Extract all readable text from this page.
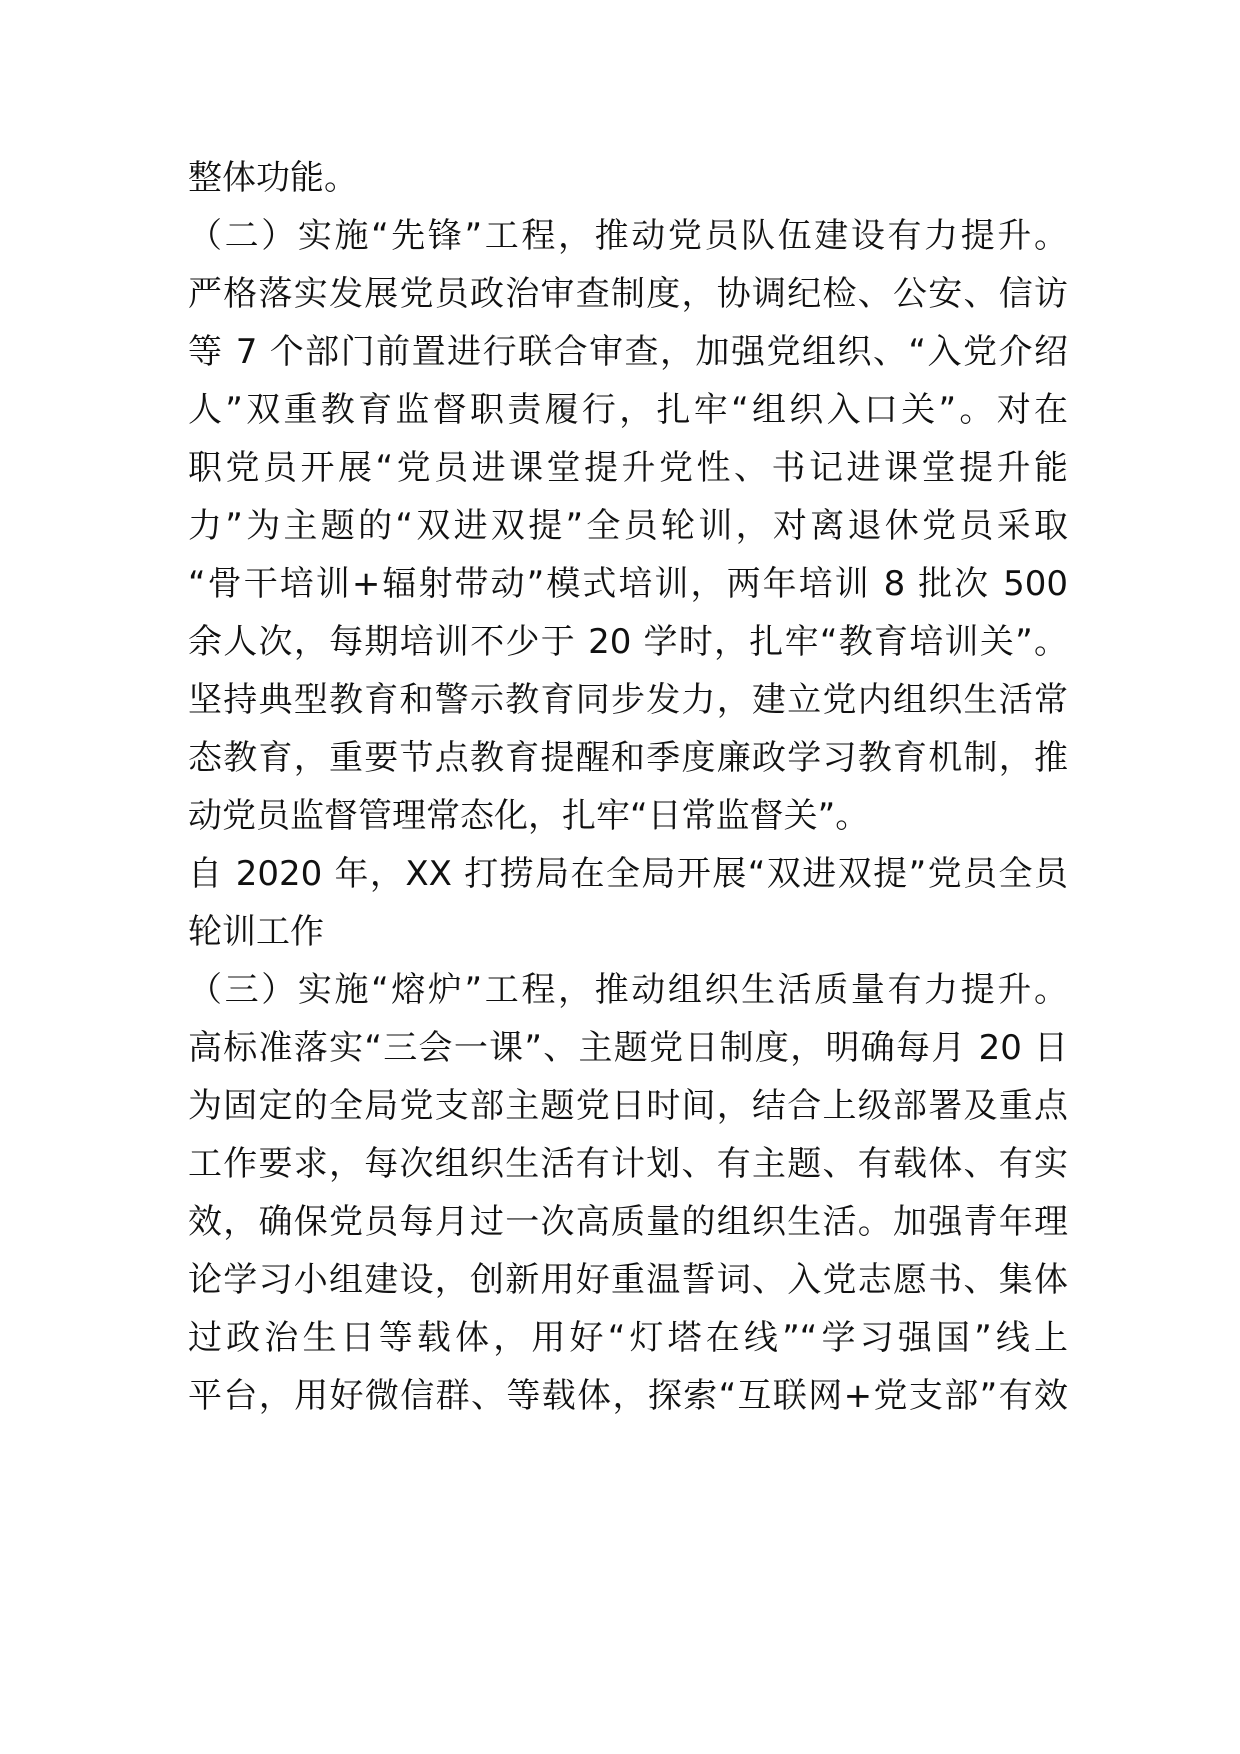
整体功能。
（二）实施“先锋”工程，推动党员队伍建设有力提升。
严格落实发展党员政治审查制度，协调纪检、公安、信访
等 7 个部门前置进行联合审查，加强党组织、“入党介绍
人”双重教育监督职责履行，扎牢“组织入口关”。对在
职党员开展“党员进课堂提升党性、书记进课堂提升能
力”为主题的“双进双提”全员轮训，对离退休党员采取
“骨干培训+辐射带动”模式培训，两年培训 8 批次 500
余人次，每期培训不少于 20 学时，扎牢“教育培训关”。
坚持典型教育和警示教育同步发力，建立党内组织生活常
态教育，重要节点教育提醒和季度廉政学习教育机制，推
动党员监督管理常态化，扎牢“日常监督关”。
自 2020 年，XX 打捞局在全局开展“双进双提”党员全员
轮训工作
（三）实施“熔炉”工程，推动组织生活质量有力提升。
高标准落实“三会一课”、主题党日制度，明确每月 20 日
为固定的全局党支部主题党日时间，结合上级部署及重点
工作要求，每次组织生活有计划、有主题、有载体、有实
效，确保党员每月过一次高质量的组织生活。加强青年理
论学习小组建设，创新用好重温誓词、入党志愿书、集体
过政治生日等载体，用好“灯塔在线”“学习强国”线上
平台，用好微信群、等载体，探索“互联网+党支部”有效
